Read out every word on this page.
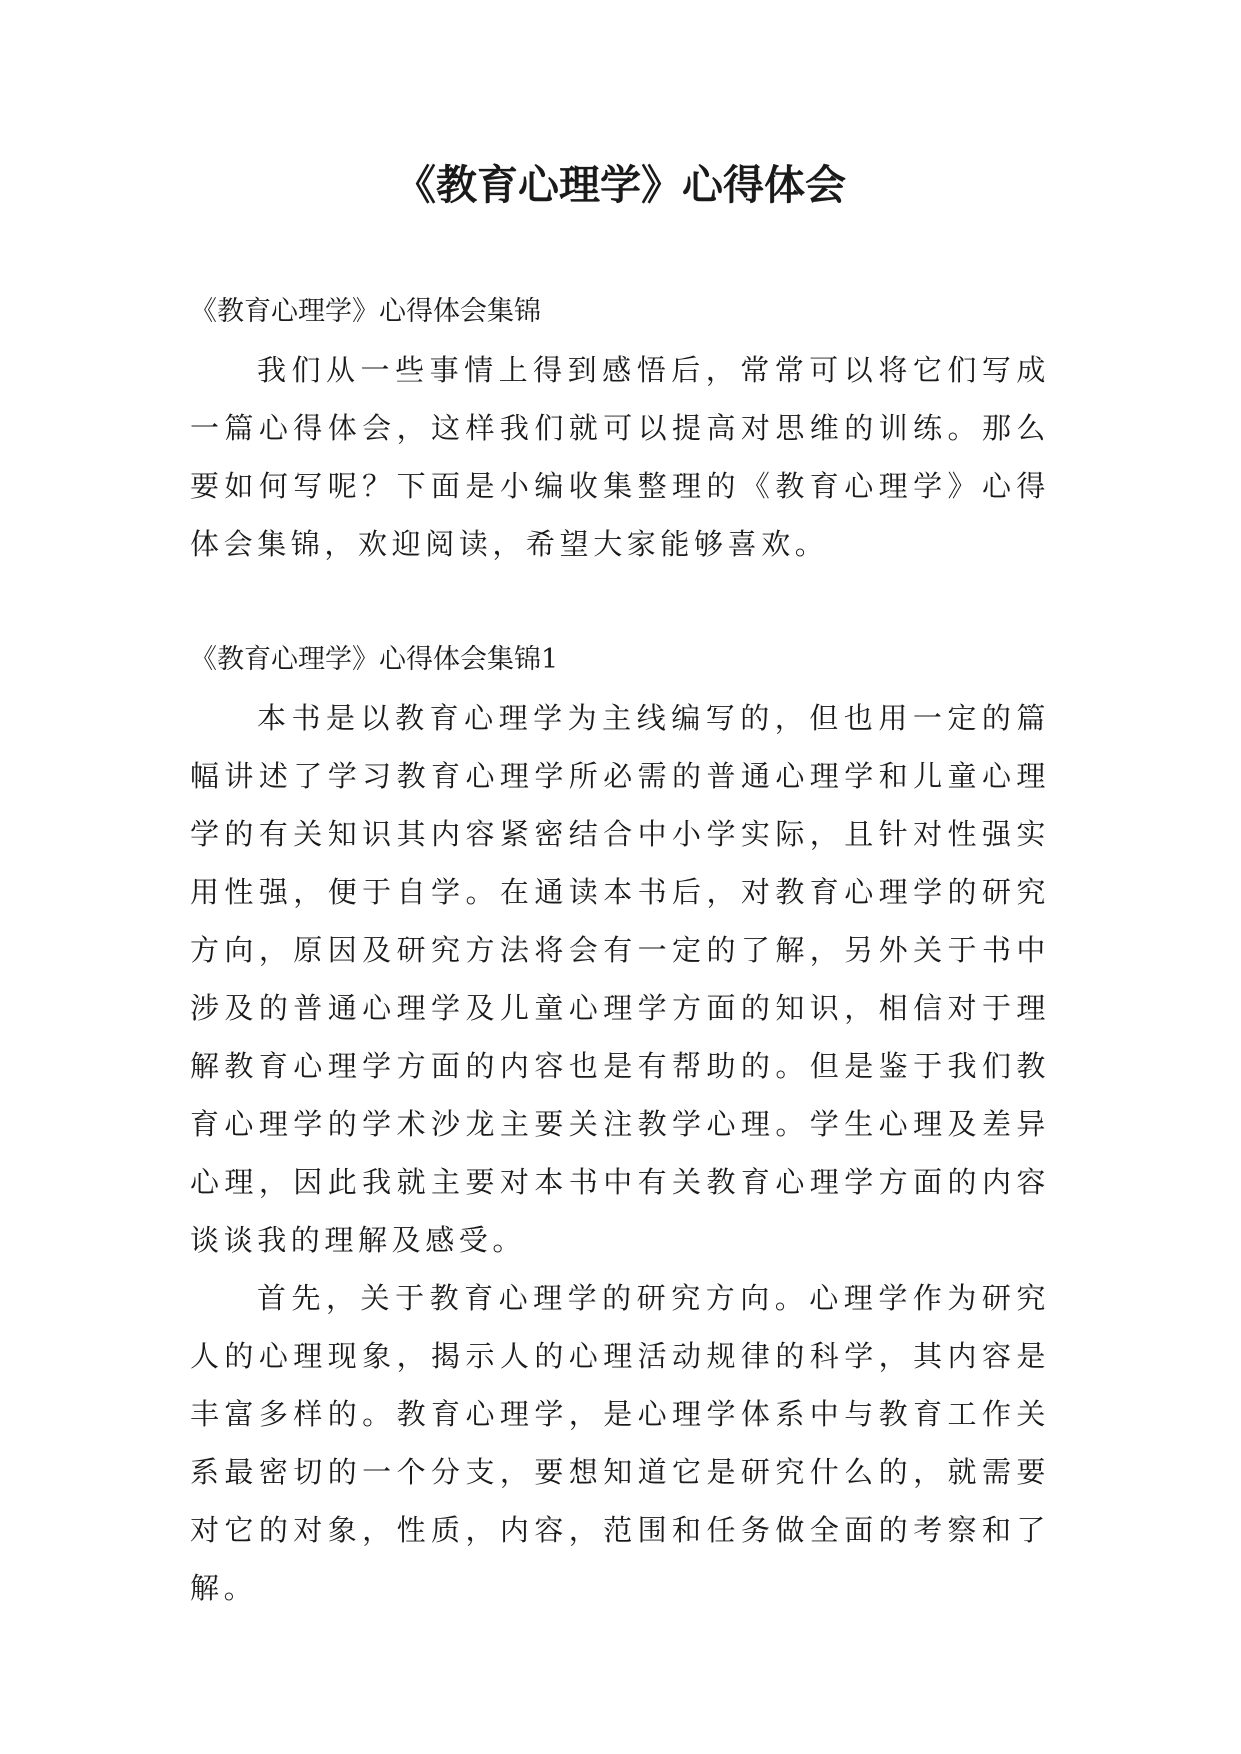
《教育心理学》心得体会

《教育心理学》心得体会集锦

我们从一些事情上得到感悟后，常常可以将它们写成一篇心得体会，这样我们就可以提高对思维的训练。那么要如何写呢？下面是小编收集整理的《教育心理学》心得体会集锦，欢迎阅读，希望大家能够喜欢。

《教育心理学》心得体会集锦1

本书是以教育心理学为主线编写的，但也用一定的篇幅讲述了学习教育心理学所必需的普通心理学和儿童心理学的有关知识其内容紧密结合中小学实际，且针对性强实用性强，便于自学。在通读本书后，对教育心理学的研究方向，原因及研究方法将会有一定的了解，另外关于书中涉及的普通心理学及儿童心理学方面的知识，相信对于理解教育心理学方面的内容也是有帮助的。但是鉴于我们教育心理学的学术沙龙主要关注教学心理。学生心理及差异心理，因此我就主要对本书中有关教育心理学方面的内容谈谈我的理解及感受。

首先，关于教育心理学的研究方向。心理学作为研究人的心理现象，揭示人的心理活动规律的科学，其内容是丰富多样的。教育心理学，是心理学体系中与教育工作关系最密切的一个分支，要想知道它是研究什么的，就需要对它的对象，性质，内容，范围和任务做全面的考察和了解。
